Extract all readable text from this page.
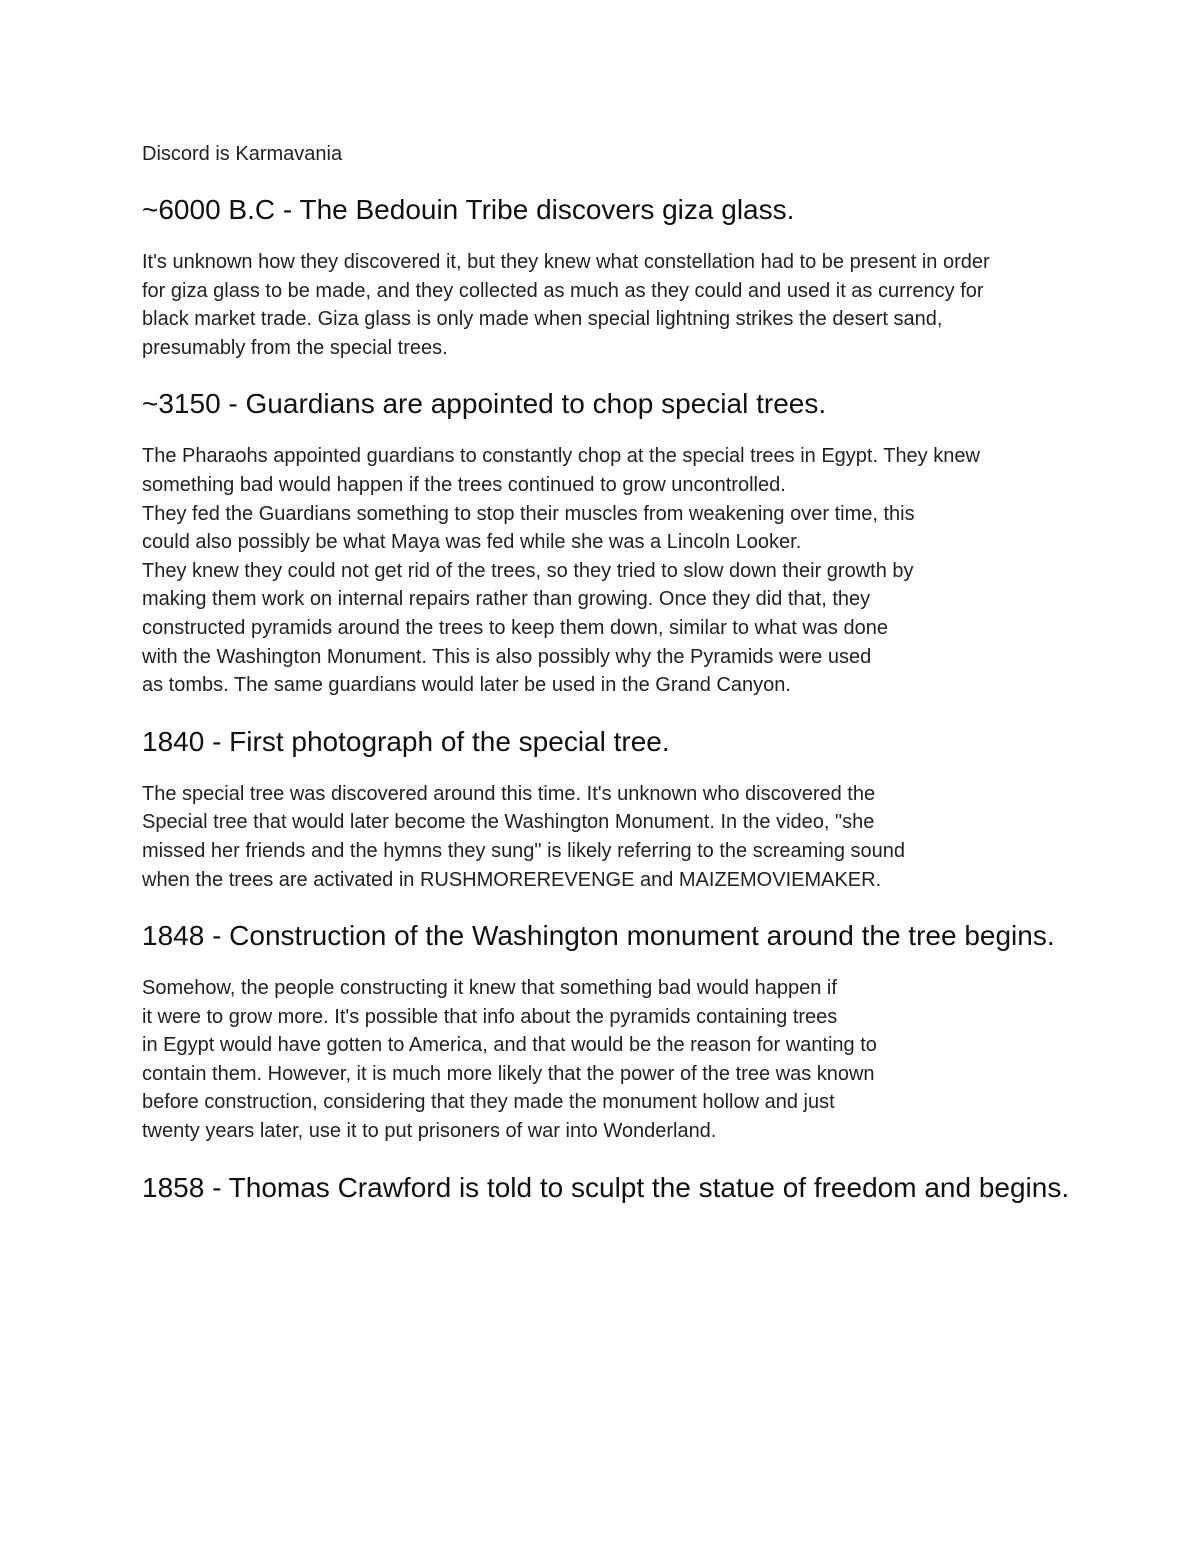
Discord is Karmavania

~6000 B.C - The Bedouin Tribe discovers giza glass.
It's unknown how they discovered it, but they knew what constellation had to be present in order
for giza glass to be made, and they collected as much as they could and used it as currency for
black market trade. Giza glass is only made when special lightning strikes the desert sand,
presumably from the special trees.
~3150 - Guardians are appointed to chop special trees.
The Pharaohs appointed guardians to constantly chop at the special trees in Egypt. They knew
something bad would happen if the trees continued to grow uncontrolled.
They fed the Guardians something to stop their muscles from weakening over time, this
could also possibly be what Maya was fed while she was a Lincoln Looker.
They knew they could not get rid of the trees, so they tried to slow down their growth by
making them work on internal repairs rather than growing. Once they did that, they
constructed pyramids around the trees to keep them down, similar to what was done
with the Washington Monument. This is also possibly why the Pyramids were used
as tombs. The same guardians would later be used in the Grand Canyon.
1840 - First photograph of the special tree.
The special tree was discovered around this time. It's unknown who discovered the
Special tree that would later become the Washington Monument. In the video, "she
missed her friends and the hymns they sung" is likely referring to the screaming sound
when the trees are activated in RUSHMOREREVENGE and MAIZEMOVIEMAKER.
1848 - Construction of the Washington monument around the tree begins.
Somehow, the people constructing it knew that something bad would happen if
it were to grow more. It's possible that info about the pyramids containing trees
in Egypt would have gotten to America, and that would be the reason for wanting to
contain them. However, it is much more likely that the power of the tree was known
before construction, considering that they made the monument hollow and just
twenty years later, use it to put prisoners of war into Wonderland.
1858 - Thomas Crawford is told to sculpt the statue of freedom and begins.
